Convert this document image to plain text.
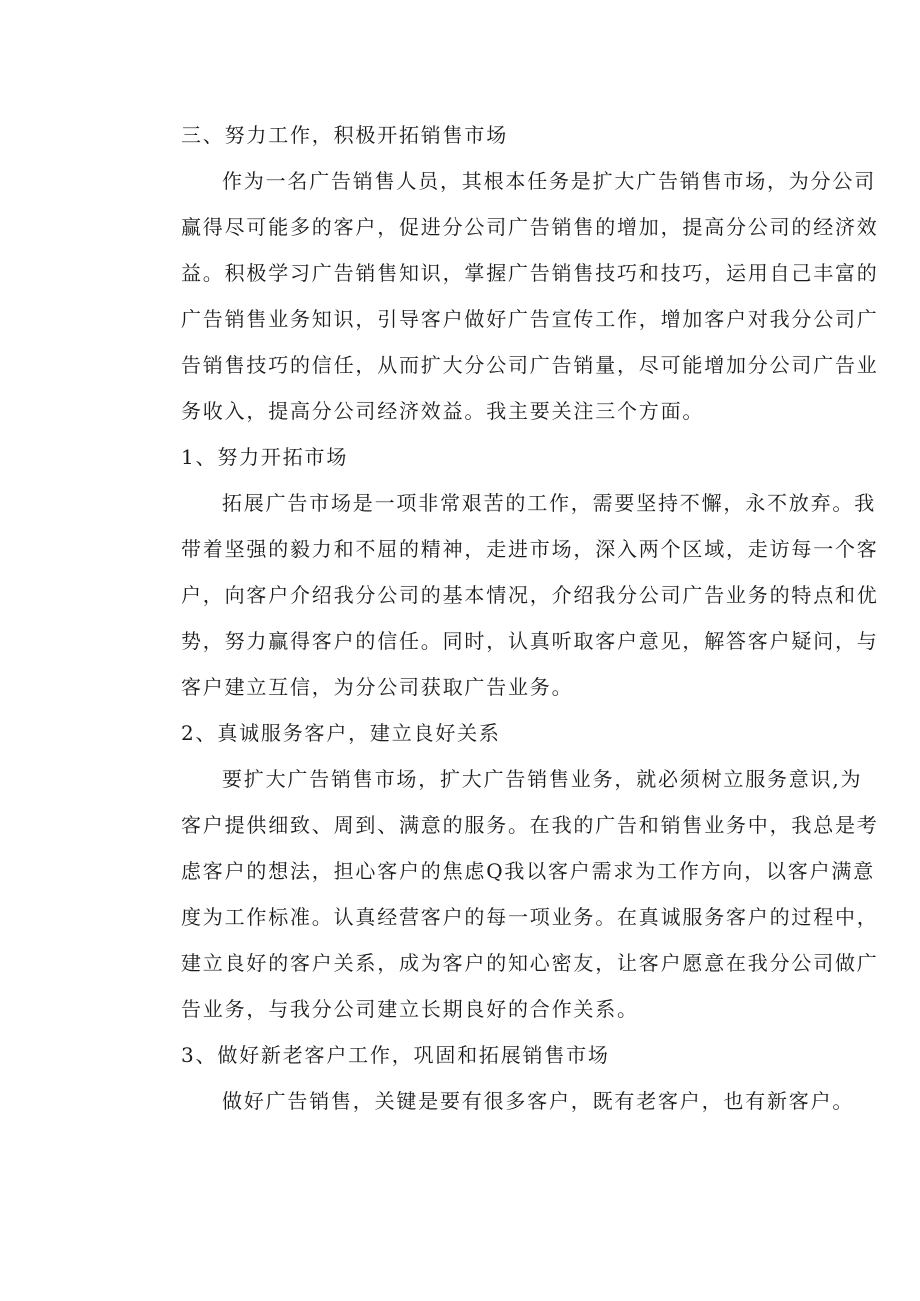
三、努力工作，积极开拓销售市场

作为一名广告销售人员，其根本任务是扩大广告销售市场，为分公司
赢得尽可能多的客户，促进分公司广告销售的增加，提高分公司的经济效
益。积极学习广告销售知识，掌握广告销售技巧和技巧，运用自己丰富的
广告销售业务知识，引导客户做好广告宣传工作，增加客户对我分公司广
告销售技巧的信任，从而扩大分公司广告销量，尽可能增加分公司广告业
务收入，提高分公司经济效益。我主要关注三个方面。

1、努力开拓市场

拓展广告市场是一项非常艰苦的工作，需要坚持不懈，永不放弃。我
带着坚强的毅力和不屈的精神，走进市场，深入两个区域，走访每一个客
户，向客户介绍我分公司的基本情况，介绍我分公司广告业务的特点和优
势，努力赢得客户的信任。同时，认真听取客户意见，解答客户疑问，与
客户建立互信，为分公司获取广告业务。

2、真诚服务客户，建立良好关系

要扩大广告销售市场，扩大广告销售业务，就必须树立服务意识,为
客户提供细致、周到、满意的服务。在我的广告和销售业务中，我总是考
虑客户的想法，担心客户的焦虑Q我以客户需求为工作方向，以客户满意
度为工作标准。认真经营客户的每一项业务。在真诚服务客户的过程中，
建立良好的客户关系，成为客户的知心密友，让客户愿意在我分公司做广
告业务，与我分公司建立长期良好的合作关系。

3、做好新老客户工作，巩固和拓展销售市场

做好广告销售，关键是要有很多客户，既有老客户，也有新客户。
